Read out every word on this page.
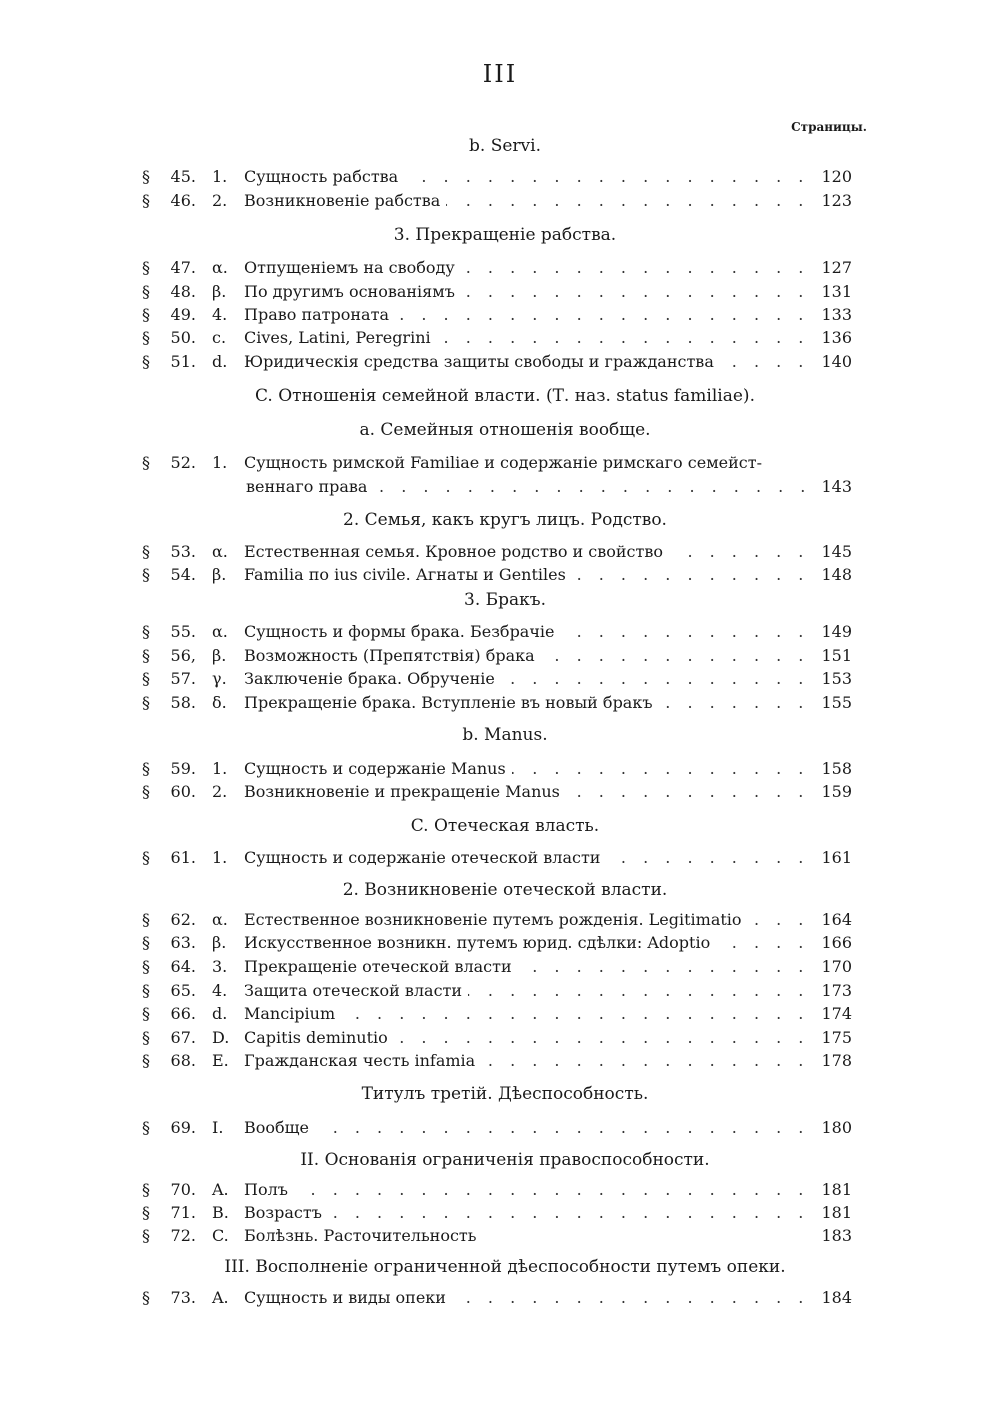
III
Страницы.
b. Servi.
§ 45. 1. Сущность рабства . . .	120
§ 46. 2. Возникновеніе рабства . . .	123
3. Прекращеніе рабства.
§ 47. α. Отпущеніемъ на свободу . . .	127
§ 48. β. По другимъ основаніямъ . . .	131
§ 49. 4. Право патроната . . .	133
§ 50. c. Cives, Latini, Peregrini . . .	136
§ 51. d. Юридическія средства защиты свободы и гражданства . . .	140
C. Отношенія семейной власти. (Т. наз. status familiae).
a. Семейныя отношенія вообще.
§ 52. 1. Сущность римской Familiae и содержаніе римскаго семейст-
веннаго права . . .	143
2. Семья, какъ кругъ лицъ. Родство.
§ 53. α. Естественная семья. Кровное родство и свойство . . .	145
§ 54. β. Familia по ius civile. Агнаты и Gentiles . . .	148
3. Бракъ.
§ 55. α. Сущность и формы брака. Безбрачіе . . .	149
§ 56, β. Возможность (Препятствія) брака . . .	151
§ 57. γ. Заключеніе брака. Обрученіе . . .	153
§ 58. δ. Прекращеніе брака. Вступленіе въ новый бракъ . . .	155
b. Manus.
§ 59. 1. Сущность и содержаніе Manus . . .	158
§ 60. 2. Возникновеніе и прекращеніе Manus . . .	159
C. Отеческая власть.
§ 61. 1. Сущность и содержаніе отеческой власти . . .	161
2. Возникновеніе отеческой власти.
§ 62. α. Естественное возникновеніе путемъ рожденія. Legitimatio . . .	164
§ 63. β. Искусственное возникн. путемъ юрид. сдѣлки: Adoptio . . .	166
§ 64. 3. Прекращеніе отеческой власти . . .	170
§ 65. 4. Защита отеческой власти . . .	173
§ 66. d. Mancipium . . .	174
§ 67. D. Capitis deminutio . . .	175
§ 68. E. Гражданская честь infamia . . .	178
Титулъ третій. Дѣеспособность.
§ 69. I. Вообще . . .	180
II. Основанія ограниченія правоспособности.
§ 70. A. Полъ . . .	181
§ 71. B. Возрастъ . . .	181
§ 72. C. Болѣзнь. Расточительность	183
III. Восполненіе ограниченной дѣеспособности путемъ опеки.
§ 73. A. Сущность и виды опеки . . .	184
